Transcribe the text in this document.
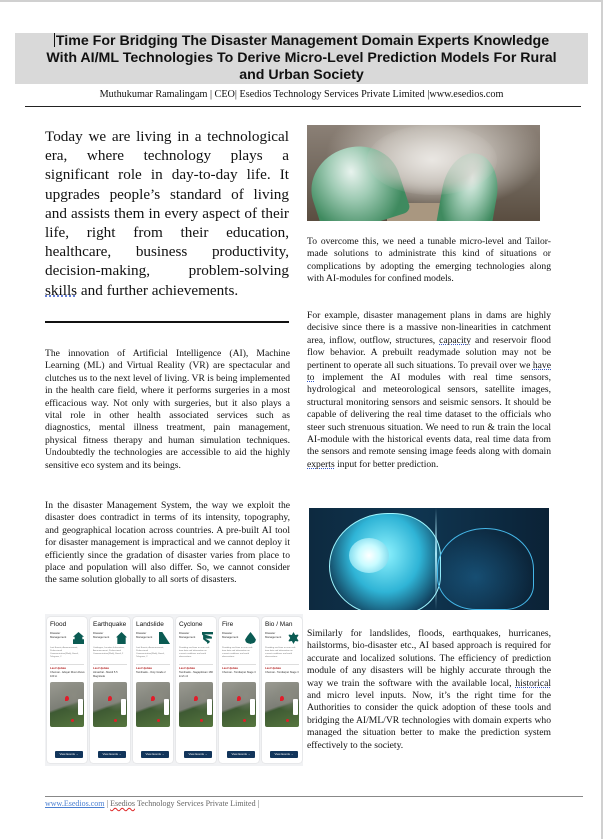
Time For Bridging The Disaster Management Domain Experts Knowledge
With AI/ML Technologies To Derive Micro-Level Prediction Models For Rural
and Urban Society
Muthukumar Ramalingam | CEO| Esedios Technology Services Private Limited |www.esedios.com
Today we are living in a technological era, where technology plays a significant role in day-to-day life. It upgrades people’s standard of living and assists them in every aspect of their life, right from their education, healthcare, business productivity, decision-making, problem-solving skills and further achievements.
The innovation of Artificial Intelligence (AI), Machine Learning (ML) and Virtual Reality (VR) are spectacular and clutches us to the next level of living. VR is being implemented in the health care field, where it performs surgeries in a most efficacious way. Not only with surgeries, but it also plays a vital role in other health associated services such as diagnostics, mental illness treatment, pain management, physical fitness therapy and human simulation techniques. Undoubtedly the technologies are accessible to aid the highly sensitive eco system and its beings.
In the disaster Management System, the way we exploit the disaster does contradict in terms of its intensity, topography, and geographical location across countries. A pre-built AI tool for disaster management is impractical and we cannot deploy it efficiently since the gradation of disaster varies from place to place and population will also differ. So, we cannot consider the same solution globally to all sorts of disasters.
Flood
Disaster Management
Last Events, Announcement, Professional Communication(Web), Email, Telegram ,2
Last Update
Chennai - Adayar River Above 100 st
View Events →
Earthquake
Disaster Management
Catalogue, Location Information, Announcement, Professional Communication(Web), Email ,2
Last Update
Himachal - Mandi 5.5 Magnitude
View Events →
Landslide
Disaster Management
Last Events, Announcement, Professional Communication(Web), Email, Telegram ,2
Last Update
Tamilnadu - Ooty Grade 2
View Events →
Cyclone
Disaster Management
Providing real-time or near real-time data and information on current conditions and earth observations
Last Update
Tamilnadu - Nagapttinam 180 km/h nil
View Events →
Fire
Disaster Management
Providing real-time or near real-time data and information on current conditions and earth observations
Last Update
Chennai - Tondiarpet Stage 3
View Events →
Bio / Man
Disaster Management
Providing real-time or near real-time data and information on current conditions and earth observations
Last Update
Chennai - Tondiarpet Stage 3
View Events →
To overcome this, we need a tunable micro-level and Tailor-made solutions to administrate this kind of situations or complications by adopting the emerging technologies along with AI-modules for confined models.
For example, disaster management plans in dams are highly decisive since there is a massive non-linearities in catchment area, inflow, outflow, structures, capacity and reservoir flood flow behavior. A prebuilt readymade solution may not be pertinent to operate all such situations. To prevail over we have to implement the AI modules with real time sensors, hydrological and meteorological sensors, satellite images, structural monitoring sensors and seismic sensors. It should be capable of delivering the real time dataset to the officials who steer such strenuous situation. We need to run & train the local AI-module with the historical events data, real time data from the sensors and remote sensing image feeds along with domain experts input for better prediction.
Similarly for landslides, floods, earthquakes, hurricanes, hailstorms, bio-disaster etc., AI based approach is required for accurate and localized solutions. The efficiency of prediction module of any disasters will be highly accurate through the way we train the software with the available local, historical and micro level inputs. Now, it’s the right time for the Authorities to consider the quick adoption of these tools and bridging the AI/ML/VR technologies with domain experts who managed the situation better to make the prediction system effectively to the society.
www.Esedios.com | Esedios Technology Services Private Limited |
